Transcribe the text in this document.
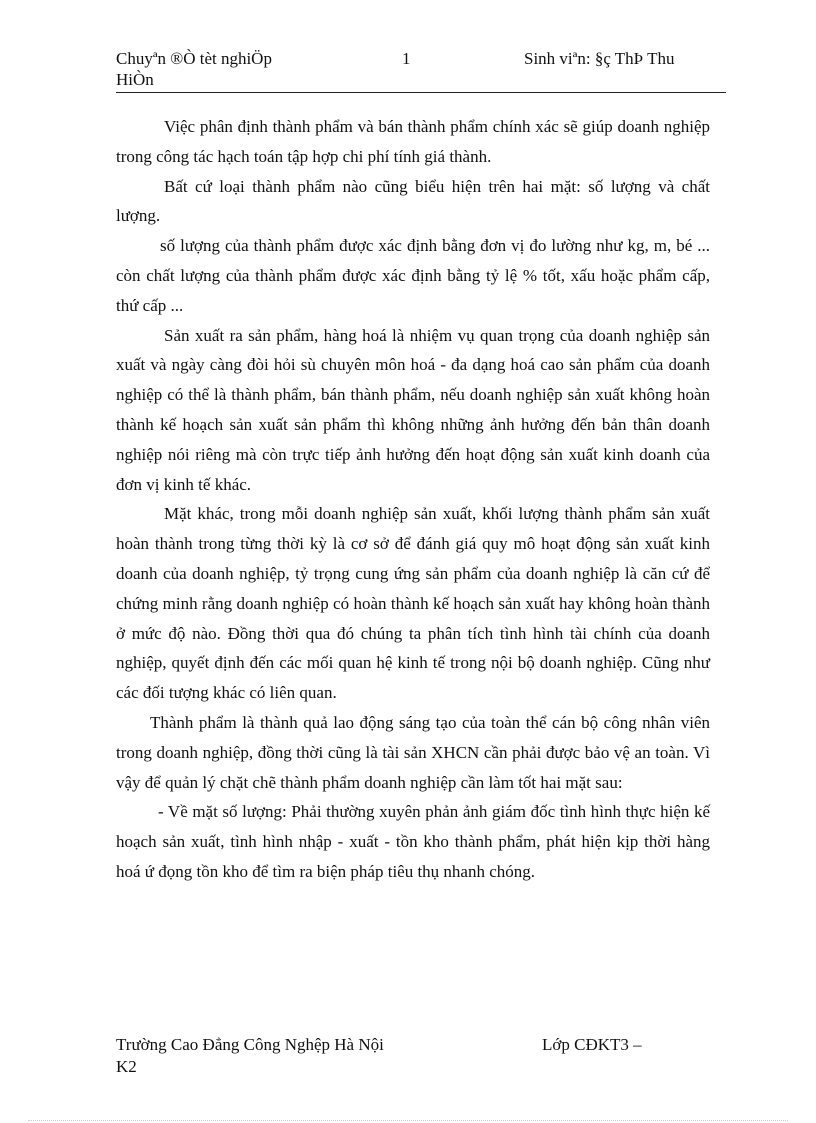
Chuyªn ®Ò tèt nghiÖp
HiÒn
1	Sinh viªn: §ç ThÞ Thu

Việc phân định thành phẩm và bán thành phẩm chính xác sẽ giúp doanh nghiệp trong công tác hạch toán tập hợp chi phí tính giá thành.

Bất cứ loại thành phẩm nào cũng biểu hiện trên hai mặt: số lượng và chất lượng.

số lượng của thành phẩm được xác định bằng đơn vị đo lường như kg, m, bé ... còn chất lượng của thành phẩm được xác định bằng tỷ lệ % tốt, xấu hoặc phẩm cấp, thứ cấp ...

Sản xuất ra sản phẩm, hàng hoá là nhiệm vụ quan trọng của doanh nghiệp sản xuất và ngày càng đòi hỏi sù chuyên môn hoá - đa dạng hoá cao sản phẩm của doanh nghiệp có thể là thành phẩm, bán thành phẩm, nếu doanh nghiệp sản xuất không hoàn thành kế hoạch sản xuất sản phẩm thì không những ảnh hưởng đến bản thân doanh nghiệp nói riêng mà còn trực tiếp ảnh hưởng đến hoạt động sản xuất kinh doanh của đơn vị kinh tế khác.

Mặt khác, trong mỗi doanh nghiệp sản xuất, khối lượng thành phẩm sản xuất hoàn thành trong từng thời kỳ là cơ sở để đánh giá quy mô hoạt động sản xuất kinh doanh của doanh nghiệp, tỷ trọng cung ứng sản phẩm của doanh nghiệp là căn cứ để chứng minh rằng doanh nghiệp có hoàn thành kế hoạch sản xuất hay không hoàn thành ở mức độ nào. Đồng thời qua đó chúng ta phân tích tình hình tài chính của doanh nghiệp, quyết định đến các mối quan hệ kinh tế trong nội bộ doanh nghiệp. Cũng như các đối tượng khác có liên quan.

Thành phẩm là thành quả lao động sáng tạo của toàn thể cán bộ công nhân viên trong doanh nghiệp, đồng thời cũng là tài sản XHCN cần phải được bảo vệ an toàn. Vì vậy để quản lý chặt chẽ thành phẩm doanh nghiệp cần làm tốt hai mặt sau:

- Về mặt số lượng: Phải thường xuyên phản ảnh giám đốc tình hình thực hiện kế hoạch sản xuất, tình hình nhập - xuất - tồn kho thành phẩm, phát hiện kịp thời hàng hoá ứ đọng tồn kho để tìm ra biện pháp tiêu thụ nhanh chóng.

Trường Cao Đẳng Công Nghệp Hà Nội
K2
Lớp CĐKT3 –
